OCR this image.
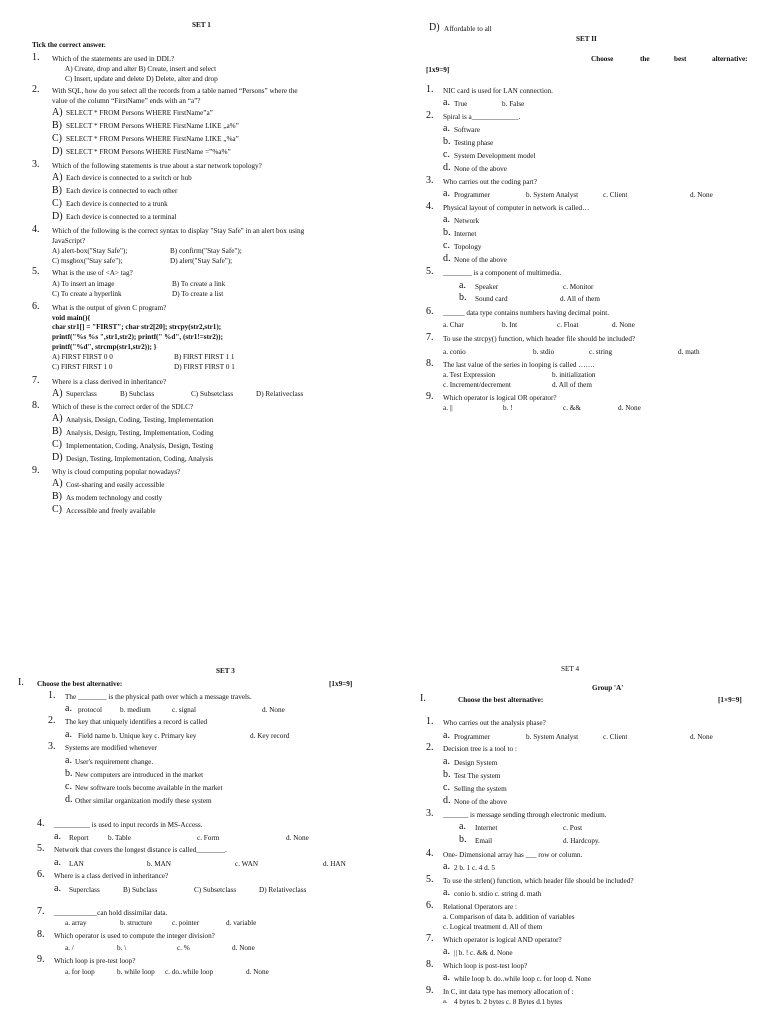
SET 1
Tick the correct answer.
1. Which of the statements are used in DDL?
A) Create, drop and alter B) Create, insert and select
C) Insert, update and delete D) Delete, alter and drop
2. With SQL, how do you select all the records from a table named “Persons” where the
value of the column “FirstName” ends with an “a”?
A) SELECT * FROM Persons WHERE FirstName”a”
B) SELECT * FROM Persons WHERE FirstName LIKE „a%”
C) SELECT * FROM Persons WHERE FirstName LIKE „%a”
D) SELECT * FROM Persons WHERE FirstName =”%a%”
3. Which of the following statements is true about a star network topology?
A) Each device is connected to a switch or hub
B) Each device is connected to each other
C) Each device is connected to a trunk
D) Each device is connected to a terminal
4. Which of the following is the correct syntax to display "Stay Safe" in an alert box using
JavaScript?
A) alert-box("Stay Safe");	B) confirm("Stay Safe");
C) msgbox("Stay safe");	D) alert("Stay Safe");
5. What is the use of <A> tag?
A) To insert an image	B) To create a link
C) To create a hyperlink	D) To create a list
6. What is the output of given C program?
void main(){
char str1[] = "FIRST"; char str2[20]; strcpy(str2,str1);
printf("%s %s ",str1,str2); printf(" %d", (str1!=str2));
printf("%d", strcmp(str1,str2)); }
A) FIRST FIRST 0 0	B) FIRST FIRST 1 1
C) FIRST FIRST 1 0	D) FIRST FIRST 0 1
7. Where is a class derived in inheritance?
A) Superclass	B) Subclass	C) Subsetclass	D) Relativeclass
8. Which of these is the correct order of the SDLC?
A) Analysis, Design, Coding, Testing, Implementation
B) Analysis, Design, Testing, Implementation, Coding
C) Implementation, Coding, Analysis, Design, Testing
D) Design, Testing, Implementation, Coding, Analysis
9. Why is cloud computing popular nowadays?
A) Cost-sharing and easily accessible
B) As modem technology and costly
C) Accessible and freely available
D) Affordable to all
SET II
Choose	the	best	alternative:
[1x9=9]
1. NIC card is used for LAN connection.
a. True	b. False
2. Spiral is a_____________.
a. Software
b. Testing phase
c. System Development model
d. None of the above
3. Who carries out the coding part?
a. Programmer	b. System Analyst	c. Client	d. None
4. Physical layout of computer in network is called…
a. Network
b. Internet
c. Topology
d. None of the above
5. ________ is a component of multimedia.
a. Speaker	c. Monitor
b. Sound card	d. All of them
6. ______ data type contains numbers having decimal point.
a. Char	b. Int	c. Float	d. None
7. To use the strcpy() function, which header file should be included?
a. conio	b. stdio	c. string	d. math
8. The last value of the series in looping is called …….
a. Test Expression	b. initialization
c. Increment/decrement	d. All of them
9. Which operator is logical OR operator?
a. ||	b. !	c. &&	d. None
SET 3
I. Choose the best alternative:	[1x9=9]
1. The ________ is the physical path over which a message travels.
a. protocol	b. medium	c. signal	d. None
2. The key that uniquely identifies a record is called
a. Field name b. Unique key c. Primary key	d. Key record
3. Systems are modified whenever
a. User's requirement change.
b. New computers are introduced in the market
c. New software tools become available in the market
d. Other similar organization modify these system
4. __________ is used to input records in MS-Access.
a. Report	b. Table	c. Form	d. None
5. Network that covers the longest distance is called________.
a. LAN	b. MAN	c. WAN	d. HAN
6. Where is a class derived in inheritance?
a. Superclass	B) Subclass	C) Subsetclass	D) Relativeclass
7. ____________can hold dissimilar data.
a. array	b. structure	c. pointer	d. variable
8. Which operator is used to compute the integer division?
a. /	b. \	c. %	d. None
9. Which loop is pre-test loop?
a. for loop	b. while loop c. do..while loop	d. None
SET 4
Group 'A'
I.	Choose the best alternative:	[1×9=9]
1. Who carries out the analysis phase?
a. Programmer	b. System Analyst	c. Client	d. None
2. Decision tree is a tool to :
a. Design System
b. Test The system
c. Selling the system
d. None of the above
3. _______ is message sending through electronic medium.
a. Internet	c. Post
b. Email	d. Hardcopy.
4. One- Dimensional array has ___ row or column.
a. 2 b. 1 c. 4 d. 5
5. To use the strlen() function, which header file should be included?
a. conio b. stdio c. string d. math
6. Relational Operators are :
a. Comparison of data b. addition of variables
c. Logical treatment d. All of them
7. Which operator is logical AND operator?
a. || b. ! c. && d. None
8. Which loop is post-test loop?
a. while loop b. do..while loop c. for loop d. None
9. In C, int data type has memory allocation of :
a. 4 bytes b. 2 bytes c. 8 Bytes d.1 bytes
